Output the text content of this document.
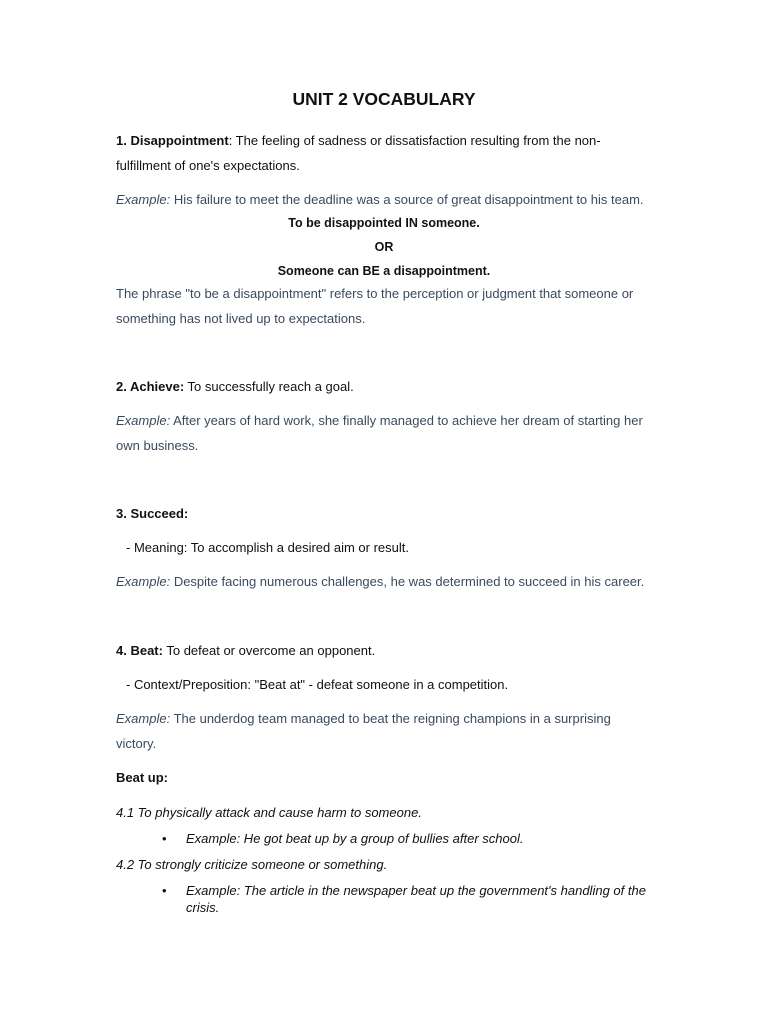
UNIT 2 VOCABULARY
1. Disappointment: The feeling of sadness or dissatisfaction resulting from the non-
fulfillment of one's expectations.
Example: His failure to meet the deadline was a source of great disappointment to his team.
To be disappointed IN someone.
OR
Someone can BE a disappointment.
The phrase "to be a disappointment" refers to the perception or judgment that someone or
something has not lived up to expectations.
2. Achieve: To successfully reach a goal.
Example: After years of hard work, she finally managed to achieve her dream of starting her
own business.
3. Succeed:
- Meaning: To accomplish a desired aim or result.
Example: Despite facing numerous challenges, he was determined to succeed in his career.
4. Beat: To defeat or overcome an opponent.
- Context/Preposition: "Beat at" - defeat someone in a competition.
Example: The underdog team managed to beat the reigning champions in a surprising
victory.
Beat up:
4.1 To physically attack and cause harm to someone.
• Example: He got beat up by a group of bullies after school.
4.2 To strongly criticize someone or something.
• Example: The article in the newspaper beat up the government's handling of the
crisis.
